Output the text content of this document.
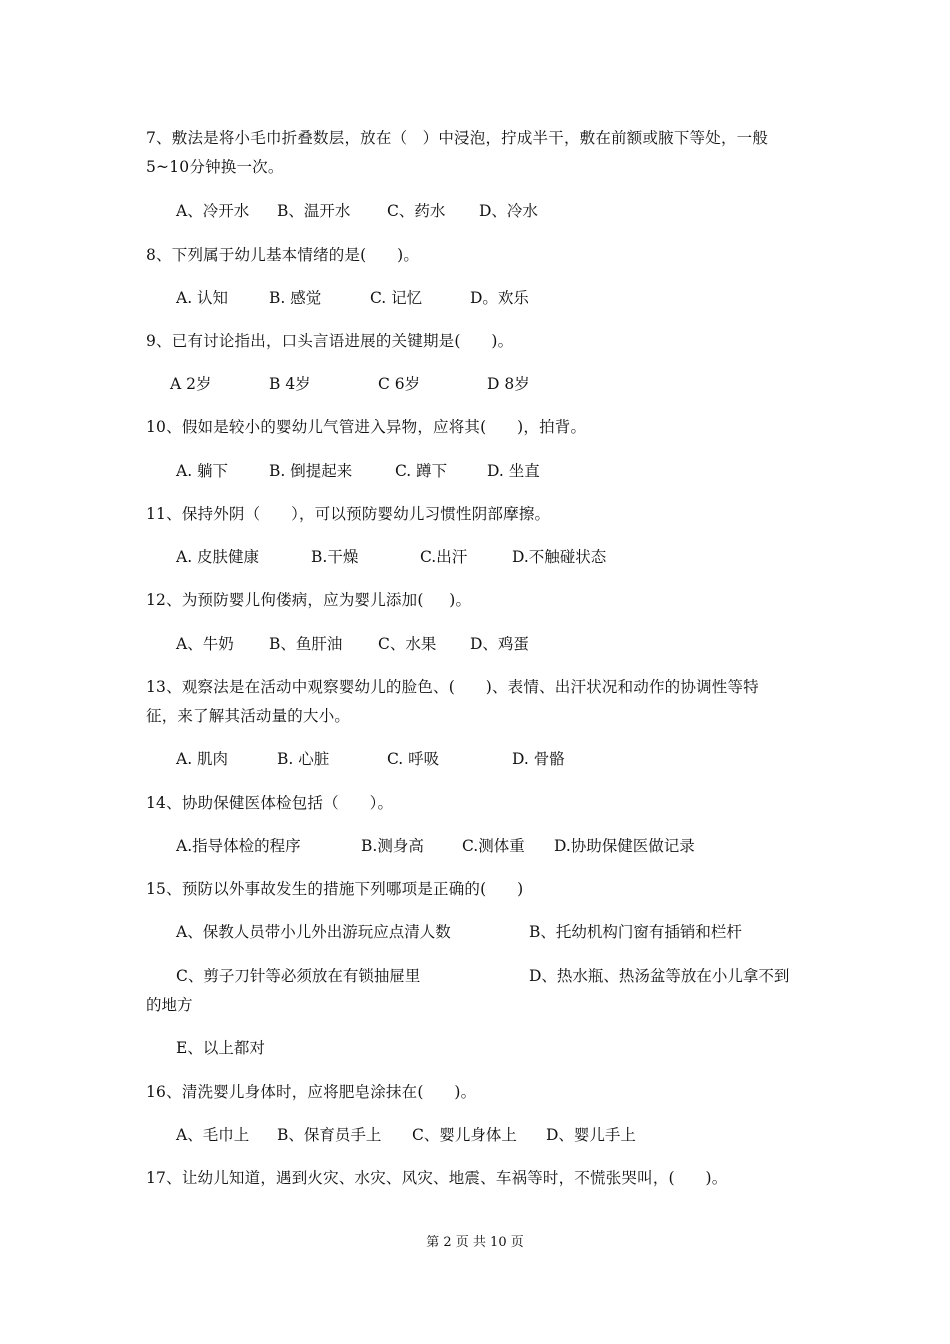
7、敷法是将小毛巾折叠数层，放在（   ）中浸泡，拧成半干，敷在前额或腋下等处，一般
5~10分钟换一次。
A、冷开水 B、温开水 C、药水 D、冷水
8、下列属于幼儿基本情绪的是(      )。
A. 认知	B. 感觉	C. 记忆	D。欢乐
9、已有讨论指出，口头言语进展的关键期是(      )。
A 2岁	B 4岁	C 6岁	D 8岁
10、假如是较小的婴幼儿气管进入异物，应将其(      )，拍背。
A. 躺下	B. 倒提起来	C. 蹲下	D. 坐直
11、保持外阴（      ），可以预防婴幼儿习惯性阴部摩擦。
A. 皮肤健康	B.干燥	C.出汗	D.不触碰状态
12、为预防婴儿佝偻病，应为婴儿添加(     )。
A、牛奶 B、鱼肝油 C、水果 D、鸡蛋
13、观察法是在活动中观察婴幼儿的脸色、(      )、表情、出汗状况和动作的协调性等特
征，来了解其活动量的大小。
A. 肌肉	B. 心脏	C. 呼吸	D. 骨骼
14、协助保健医体检包括（      ）。
A.指导体检的程序	B.测身高 C.测体重 D.协助保健医做记录
15、预防以外事故发生的措施下列哪项是正确的(      )
A、保教人员带小儿外出游玩应点清人数	B、托幼机构门窗有插销和栏杆
C、剪子刀针等必须放在有锁抽屉里	D、热水瓶、热汤盆等放在小儿拿不到
的地方
E、以上都对
16、清洗婴儿身体时，应将肥皂涂抹在(      )。
A、毛巾上 B、保育员手上 C、婴儿身体上 D、婴儿手上
17、让幼儿知道，遇到火灾、水灾、风灾、地震、车祸等时，不慌张哭叫，(      )。
第 2 页 共 10 页
